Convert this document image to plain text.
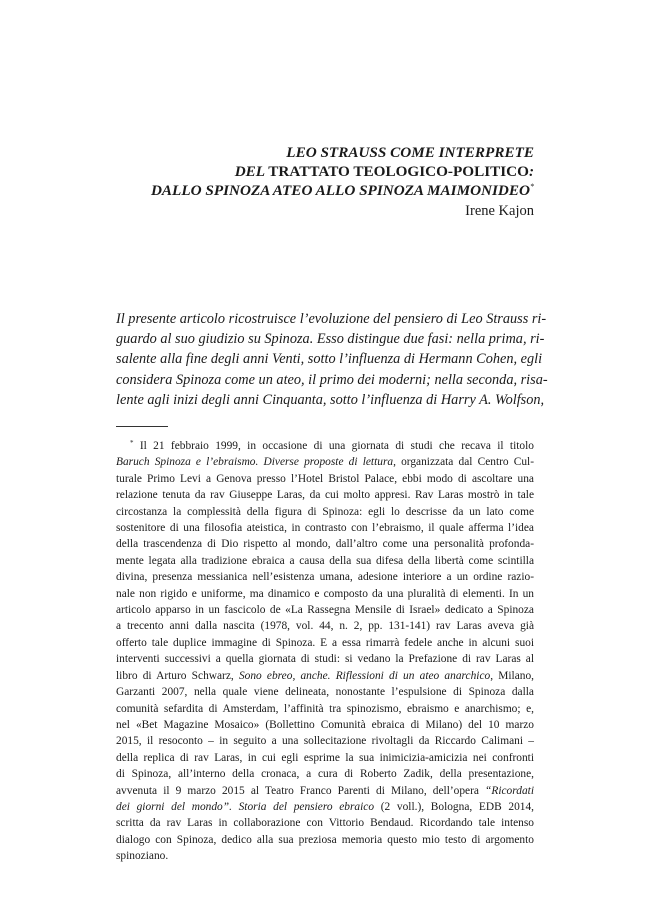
LEO STRAUSS COME INTERPRETE
DEL TRATTATO TEOLOGICO-POLITICO:
DALLO SPINOZA ATEO ALLO SPINOZA MAIMONIDEO*
Irene Kajon
Il presente articolo ricostruisce l’evoluzione del pensiero di Leo Strauss ri-
guardo al suo giudizio su Spinoza. Esso distingue due fasi: nella prima, ri-
salente alla fine degli anni Venti, sotto l’influenza di Hermann Cohen, egli
considera Spinoza come un ateo, il primo dei moderni; nella seconda, risa-
lente agli inizi degli anni Cinquanta, sotto l’influenza di Harry A. Wolfson,
* Il 21 febbraio 1999, in occasione di una giornata di studi che recava il titolo
Baruch Spinoza e l’ebraismo. Diverse proposte di lettura, organizzata dal Centro Cul-
turale Primo Levi a Genova presso l’Hotel Bristol Palace, ebbi modo di ascoltare una
relazione tenuta da rav Giuseppe Laras, da cui molto appresi. Rav Laras mostrò in tale
circostanza la complessità della figura di Spinoza: egli lo descrisse da un lato come
sostenitore di una filosofia ateistica, in contrasto con l’ebraismo, il quale afferma l’idea
della trascendenza di Dio rispetto al mondo, dall’altro come una personalità profonda-
mente legata alla tradizione ebraica a causa della sua difesa della libertà come scintilla
divina, presenza messianica nell’esistenza umana, adesione interiore a un ordine razio-
nale non rigido e uniforme, ma dinamico e composto da una pluralità di elementi. In un
articolo apparso in un fascicolo de «La Rassegna Mensile di Israel» dedicato a Spinoza
a trecento anni dalla nascita (1978, vol. 44, n. 2, pp. 131-141) rav Laras aveva già
offerto tale duplice immagine di Spinoza. E a essa rimarrà fedele anche in alcuni suoi
interventi successivi a quella giornata di studi: si vedano la Prefazione di rav Laras al
libro di Arturo Schwarz, Sono ebreo, anche. Riflessioni di un ateo anarchico, Milano,
Garzanti 2007, nella quale viene delineata, nonostante l’espulsione di Spinoza dalla
comunità sefardita di Amsterdam, l’affinità tra spinozismo, ebraismo e anarchismo; e,
nel «Bet Magazine Mosaico» (Bollettino Comunità ebraica di Milano) del 10 marzo
2015, il resoconto – in seguito a una sollecitazione rivoltagli da Riccardo Calimani –
della replica di rav Laras, in cui egli esprime la sua inimicizia-amicizia nei confronti
di Spinoza, all’interno della cronaca, a cura di Roberto Zadik, della presentazione,
avvenuta il 9 marzo 2015 al Teatro Franco Parenti di Milano, dell’opera “Ricordati
dei giorni del mondo”. Storia del pensiero ebraico (2 voll.), Bologna, EDB 2014,
scritta da rav Laras in collaborazione con Vittorio Bendaud. Ricordando tale intenso
dialogo con Spinoza, dedico alla sua preziosa memoria questo mio testo di argomento
spinoziano.
